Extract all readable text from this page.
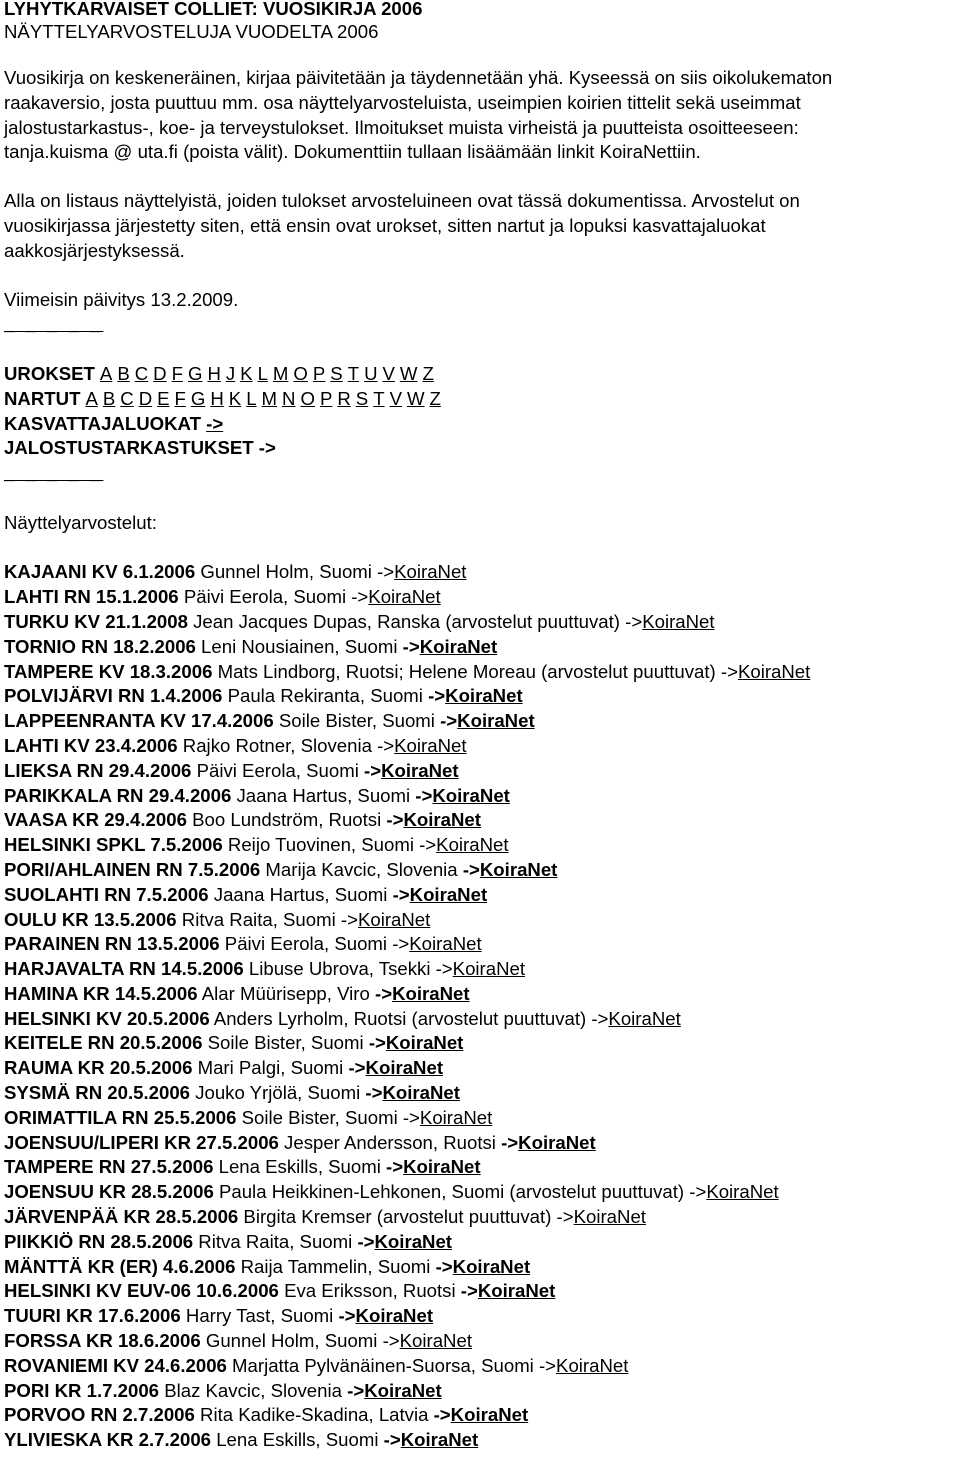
LYHYTKARVAISET COLLIET: VUOSIKIRJA 2006
NÄYTTELYARVOSTELUJA VUODELTA 2006
Vuosikirja on keskeneräinen, kirjaa päivitetään ja täydennetään yhä. Kyseessä on siis oikolukematon
raakaversio, josta puuttuu mm. osa näyttelyarvosteluista, useimpien koirien tittelit sekä useimmat
jalostustarkastus-, koe- ja terveystulokset. Ilmoitukset muista virheistä ja puutteista osoitteeseen:
tanja.kuisma @ uta.fi (poista välit). Dokumenttiin tullaan lisäämään linkit KoiraNettiin.
Alla on listaus näyttelyistä, joiden tulokset arvosteluineen ovat tässä dokumentissa. Arvostelut on
vuosikirjassa järjestetty siten, että ensin ovat urokset, sitten nartut ja lopuksi kasvattajaluokat
aakkosjärjestyksessä.
Viimeisin päivitys 13.2.2009.
_ _ _ _ _
UROKSET A B C D F G H J K L M O P S T U V W Z
NARTUT A B C D E F G H K L M N O P R S T V W Z
KASVATTAJALUOKAT ->
JALOSTUSTARKASTUKSET ->
_ _ _ _ _
Näyttelyarvostelut:
KAJAANI KV 6.1.2006 Gunnel Holm, Suomi ->KoiraNet
LAHTI RN 15.1.2006 Päivi Eerola, Suomi ->KoiraNet
TURKU KV 21.1.2008 Jean Jacques Dupas, Ranska (arvostelut puuttuvat) ->KoiraNet
TORNIO RN 18.2.2006 Leni Nousiainen, Suomi ->KoiraNet
TAMPERE KV 18.3.2006 Mats Lindborg, Ruotsi; Helene Moreau (arvostelut puuttuvat) ->KoiraNet
POLVIJÄRVI RN 1.4.2006 Paula Rekiranta, Suomi ->KoiraNet
LAPPEENRANTA KV 17.4.2006 Soile Bister, Suomi ->KoiraNet
LAHTI KV 23.4.2006 Rajko Rotner, Slovenia ->KoiraNet
LIEKSA RN 29.4.2006 Päivi Eerola, Suomi ->KoiraNet
PARIKKALA RN 29.4.2006 Jaana Hartus, Suomi ->KoiraNet
VAASA KR 29.4.2006 Boo Lundström, Ruotsi ->KoiraNet
HELSINKI SPKL 7.5.2006 Reijo Tuovinen, Suomi ->KoiraNet
PORI/AHLAINEN RN 7.5.2006 Marija Kavcic, Slovenia ->KoiraNet
SUOLAHTI RN 7.5.2006 Jaana Hartus, Suomi ->KoiraNet
OULU KR 13.5.2006 Ritva Raita, Suomi ->KoiraNet
PARAINEN RN 13.5.2006 Päivi Eerola, Suomi ->KoiraNet
HARJAVALTA RN 14.5.2006 Libuse Ubrova, Tsekki ->KoiraNet
HAMINA KR 14.5.2006 Alar Müürisepp, Viro ->KoiraNet
HELSINKI KV 20.5.2006 Anders Lyrholm, Ruotsi (arvostelut puuttuvat) ->KoiraNet
KEITELE RN 20.5.2006 Soile Bister, Suomi ->KoiraNet
RAUMA KR 20.5.2006 Mari Palgi, Suomi ->KoiraNet
SYSMÄ RN 20.5.2006 Jouko Yrjölä, Suomi ->KoiraNet
ORIMATTILA RN 25.5.2006 Soile Bister, Suomi ->KoiraNet
JOENSUU/LIPERI KR 27.5.2006 Jesper Andersson, Ruotsi ->KoiraNet
TAMPERE RN 27.5.2006 Lena Eskills, Suomi ->KoiraNet
JOENSUU KR 28.5.2006 Paula Heikkinen-Lehkonen, Suomi (arvostelut puuttuvat) ->KoiraNet
JÄRVENPÄÄ KR 28.5.2006 Birgita Kremser (arvostelut puuttuvat) ->KoiraNet
PIIKKIÖ RN 28.5.2006 Ritva Raita, Suomi ->KoiraNet
MÄNTTÄ KR (ER) 4.6.2006 Raija Tammelin, Suomi ->KoiraNet
HELSINKI KV EUV-06 10.6.2006 Eva Eriksson, Ruotsi ->KoiraNet
TUURI KR 17.6.2006 Harry Tast, Suomi ->KoiraNet
FORSSA KR 18.6.2006 Gunnel Holm, Suomi ->KoiraNet
ROVANIEMI KV 24.6.2006 Marjatta Pylvänäinen-Suorsa, Suomi ->KoiraNet
PORI KR 1.7.2006 Blaz Kavcic, Slovenia ->KoiraNet
PORVOO RN 2.7.2006 Rita Kadike-Skadina, Latvia ->KoiraNet
YLIVIESKA KR 2.7.2006 Lena Eskills, Suomi ->KoiraNet
